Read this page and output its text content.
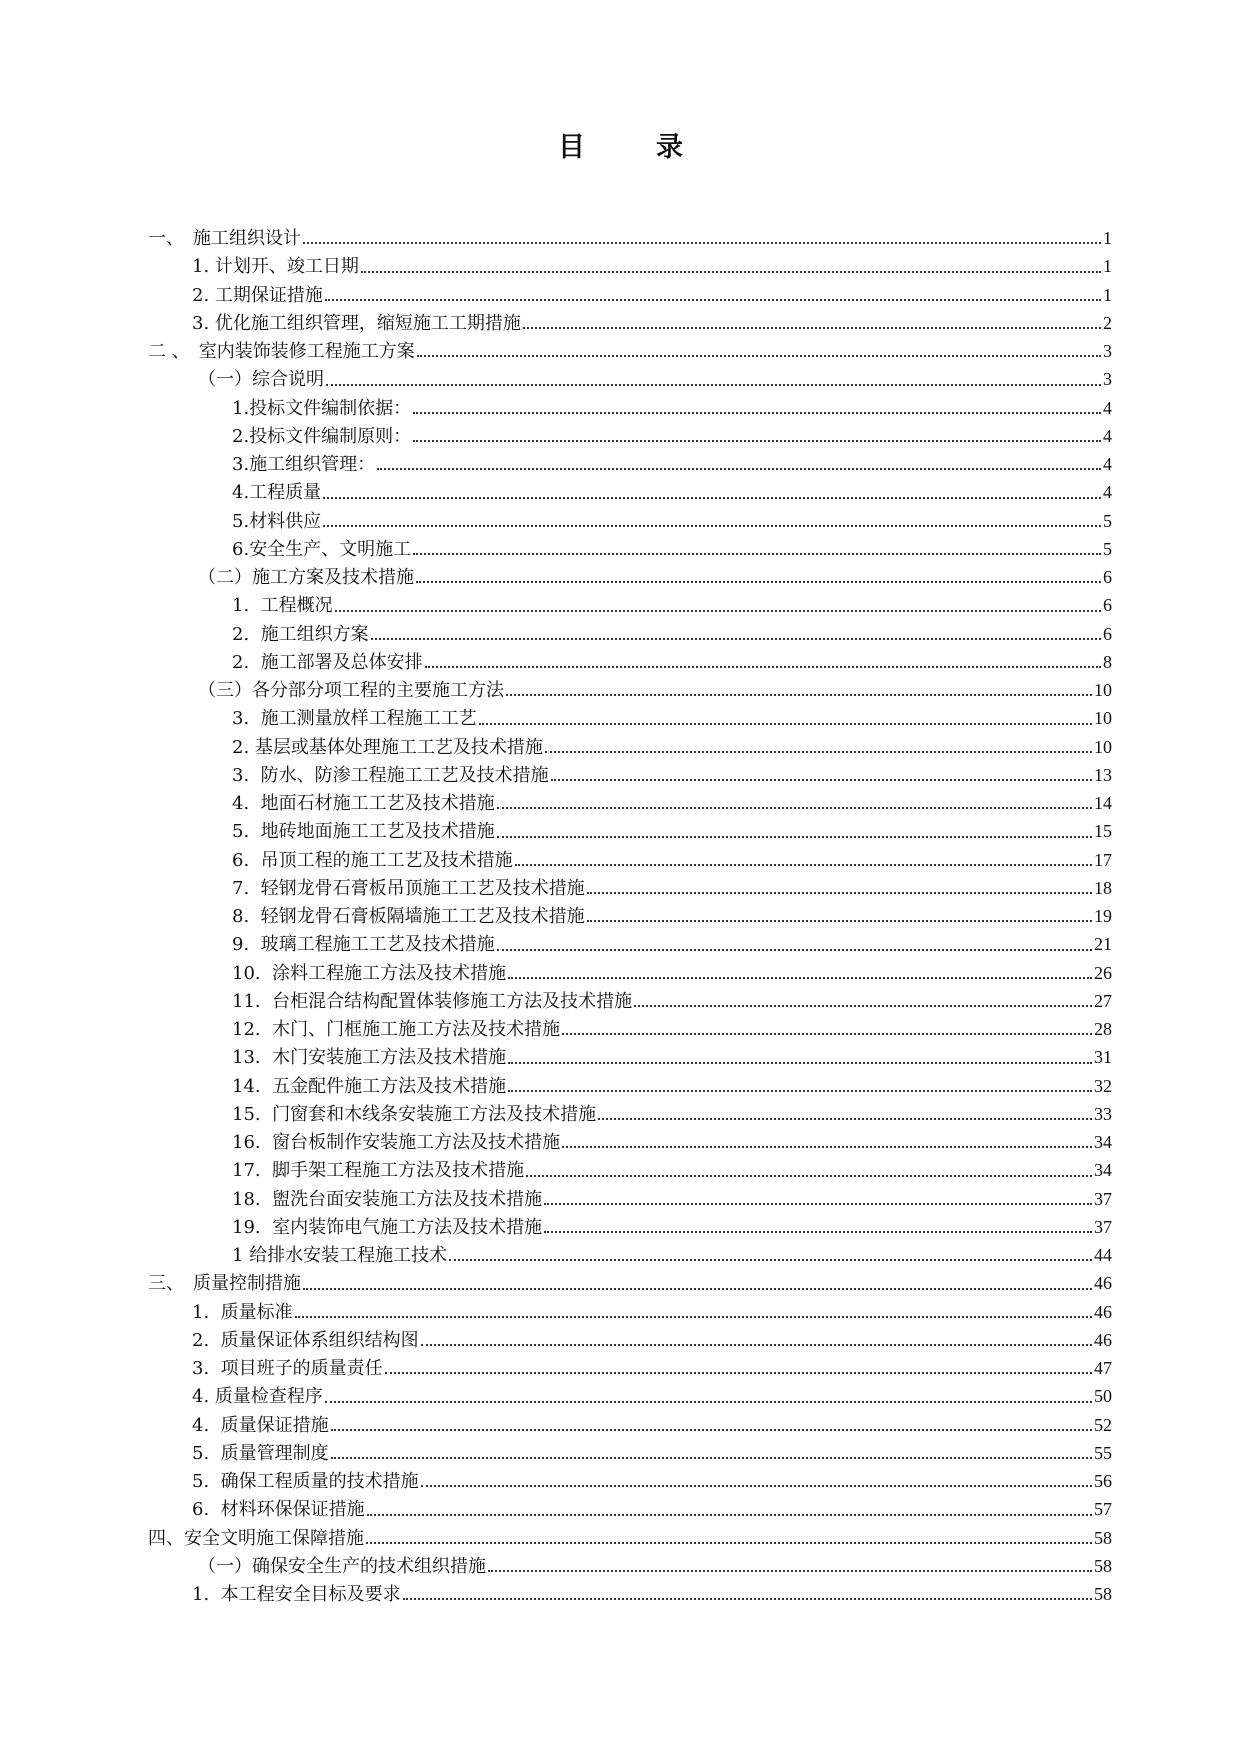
目　录
一、　 施工组织设计	1
1. 计划开、竣工日期	1
2. 工期保证措施	1
3. 优化施工组织管理，缩短施工工期措施	2
二 、　 室内装饰装修工程施工方案	3
（一） 综合说明	3
1. 投标文件编制依据：	4
2. 投标文件编制原则：	4
3. 施工组织管理：	4
4. 工程质量	4
5. 材料供应	5
6. 安全生产、文明施工	5
（二） 施工方案及技术措施	6
1. 工程概况	6
2. 施工组织方案	6
2. 施工部署及总体安排	8
（三） 各分部分项工程的主要施工方法	10
3. 施工测量放样工程施工工艺	10
2. 基层或基体处理施工工艺及技术措施	10
3. 防水、防渗工程施工工艺及技术措施	13
4. 地面石材施工工艺及技术措施	14
5. 地砖地面施工工艺及技术措施	15
6. 吊顶工程的施工工艺及技术措施	17
7. 轻钢龙骨石膏板吊顶施工工艺及技术措施	18
8. 轻钢龙骨石膏板隔墙施工工艺及技术措施	19
9. 玻璃工程施工工艺及技术措施	21
10. 涂料工程施工方法及技术措施	26
11. 台柜混合结构配置体装修施工方法及技术措施	27
12. 木门、门框施工施工方法及技术措施	28
13. 木门安装施工方法及技术措施	31
14. 五金配件施工方法及技术措施	32
15. 门窗套和木线条安装施工方法及技术措施	33
16. 窗台板制作安装施工方法及技术措施	34
17. 脚手架工程施工方法及技术措施	34
18. 盥洗台面安装施工方法及技术措施	37
19. 室内装饰电气施工方法及技术措施	37
1 给排水安装工程施工技术	44
三、　 质量控制措施	46
1. 质量标准	46
2. 质量保证体系组织结构图	46
3. 项目班子的质量责任	47
4. 质量检查程序	50
4. 质量保证措施	52
5. 质量管理制度	55
5. 确保工程质量的技术措施	56
6. 材料环保保证措施	57
四、 安全文明施工保障措施	58
（一） 确保安全生产的技术组织措施	58
1. 本工程安全目标及要求	58
